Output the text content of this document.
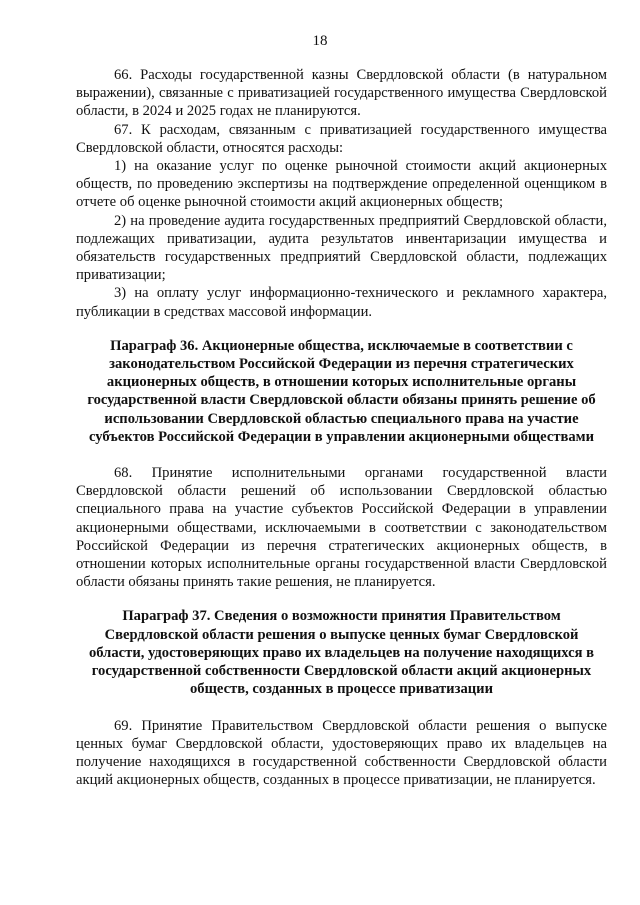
18

66. Расходы государственной казны Свердловской области (в натуральном выражении), связанные с приватизацией государственного имущества Свердловской области, в 2024 и 2025 годах не планируются.

67. К расходам, связанным с приватизацией государственного имущества Свердловской области, относятся расходы:

1) на оказание услуг по оценке рыночной стоимости акций акционерных обществ, по проведению экспертизы на подтверждение определенной оценщиком в отчете об оценке рыночной стоимости акций акционерных обществ;

2) на проведение аудита государственных предприятий Свердловской области, подлежащих приватизации, аудита результатов инвентаризации имущества и обязательств государственных предприятий Свердловской области, подлежащих приватизации;

3) на оплату услуг информационно-технического и рекламного характера, публикации в средствах массовой информации.

Параграф 36. Акционерные общества, исключаемые в соответствии с законодательством Российской Федерации из перечня стратегических акционерных обществ, в отношении которых исполнительные органы государственной власти Свердловской области обязаны принять решение об использовании Свердловской областью специального права на участие субъектов Российской Федерации в управлении акционерными обществами

68. Принятие исполнительными органами государственной власти Свердловской области решений об использовании Свердловской областью специального права на участие субъектов Российской Федерации в управлении акционерными обществами, исключаемыми в соответствии с законодательством Российской Федерации из перечня стратегических акционерных обществ, в отношении которых исполнительные органы государственной власти Свердловской области обязаны принять такие решения, не планируется.

Параграф 37. Сведения о возможности принятия Правительством Свердловской области решения о выпуске ценных бумаг Свердловской области, удостоверяющих право их владельцев на получение находящихся в государственной собственности Свердловской области акций акционерных обществ, созданных в процессе приватизации

69. Принятие Правительством Свердловской области решения о выпуске ценных бумаг Свердловской области, удостоверяющих право их владельцев на получение находящихся в государственной собственности Свердловской области акций акционерных обществ, созданных в процессе приватизации, не планируется.
